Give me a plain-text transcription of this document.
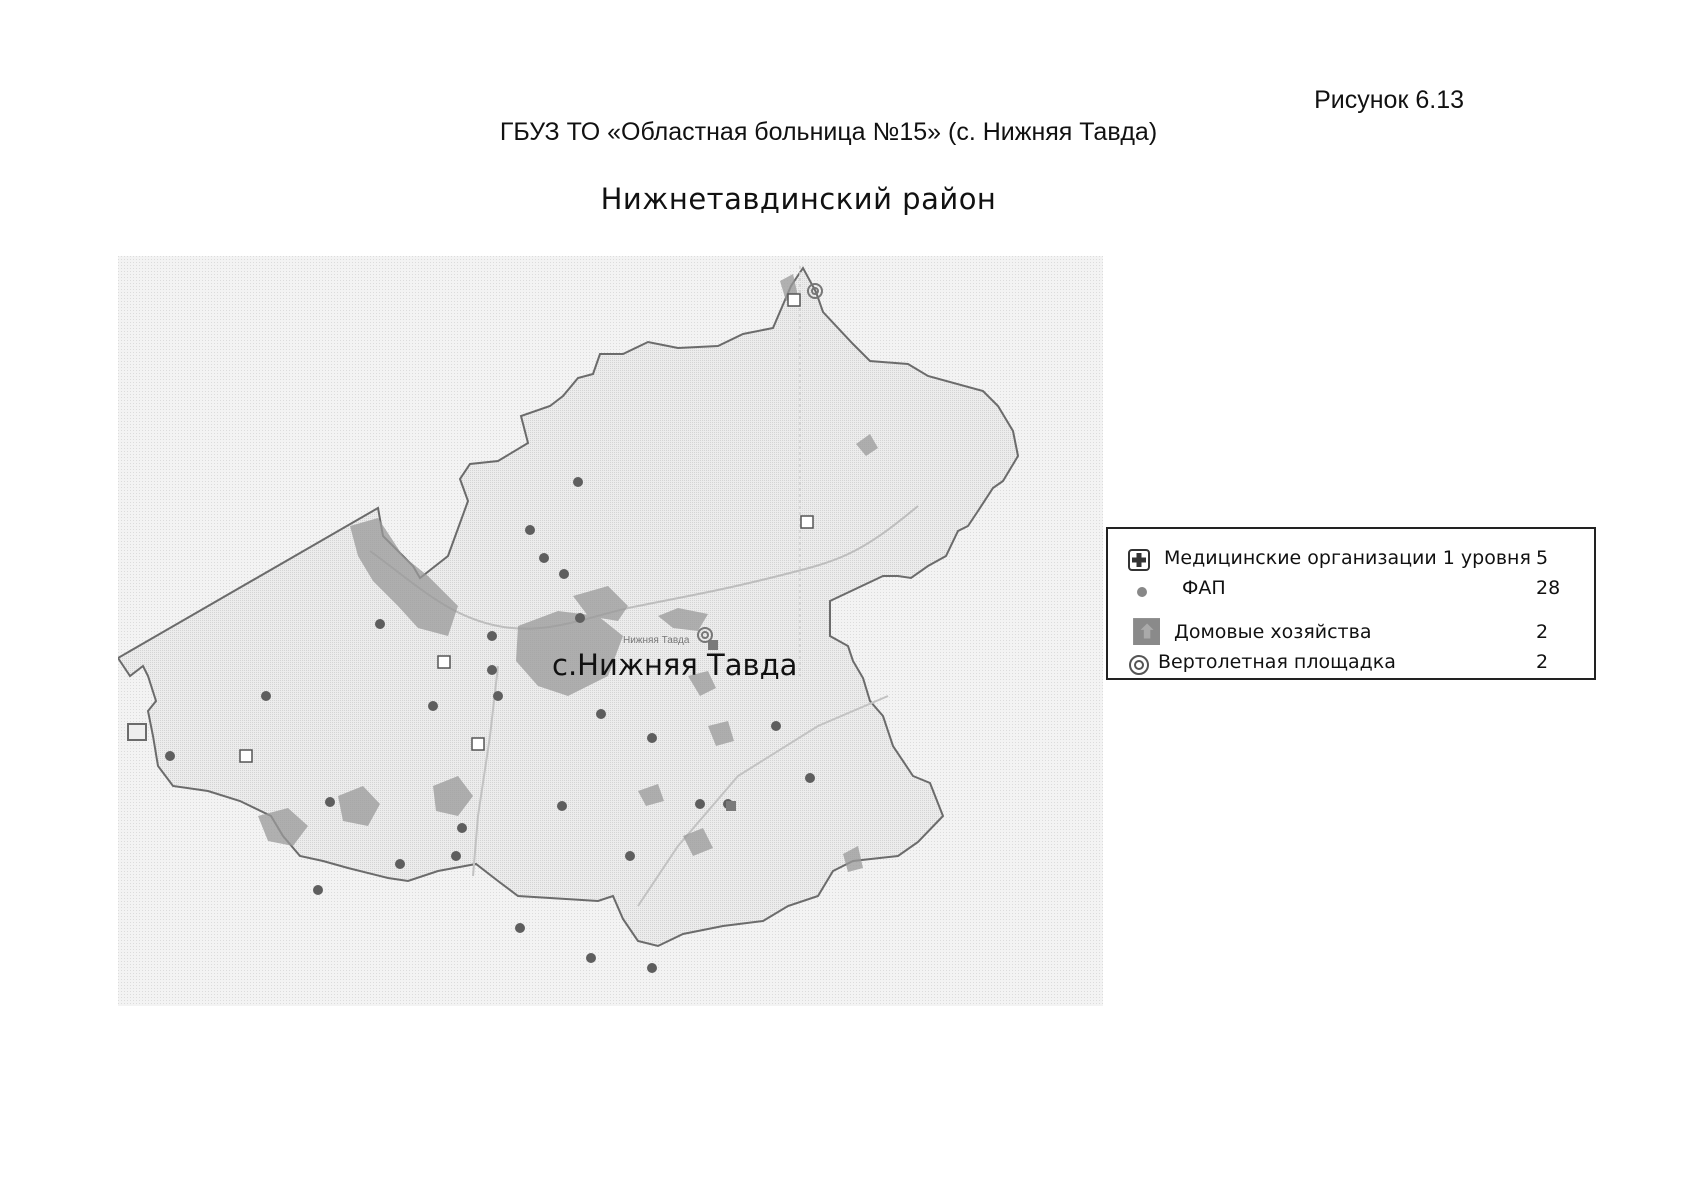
Рисунок 6.13
ГБУЗ ТО «Областная больница №15» (с. Нижняя Тавда)
Нижнетавдинский район
Нижняя Тавда
с.Нижняя Тавда
Медицинские организации 1 уровня 5
ФАП	28
Домовые хозяйства	2
Вертолетная площадка	2
